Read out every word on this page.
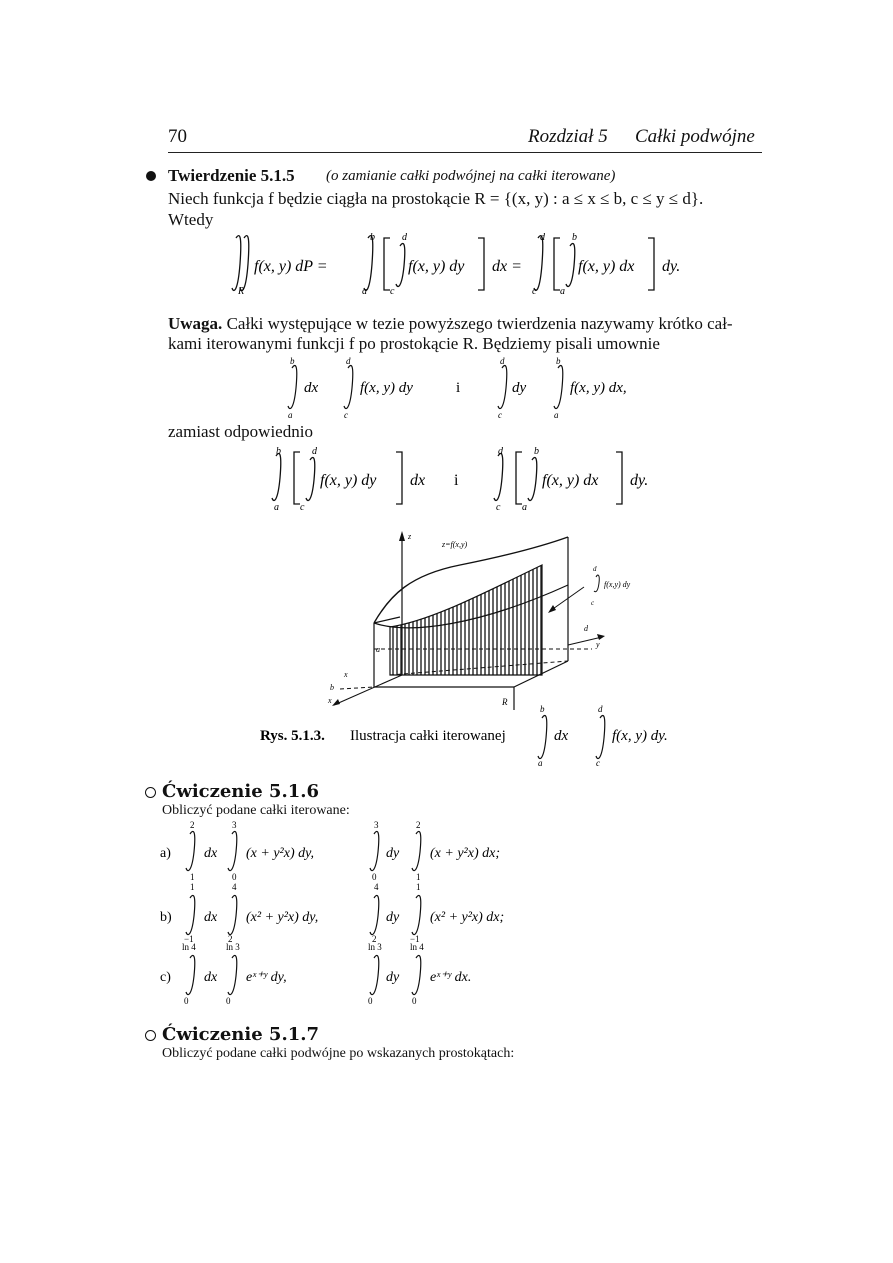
70	Rozdział 5 Całki podwójne
Twierdzenie 5.1.5 (o zamianie całki podwójnej na całki iterowane)
Niech funkcja f będzie ciągła na prostokącie R = {(x, y) : a ≤ x ≤ b, c ≤ y ≤ d}.
Wtedy
f(x, y) dP =
R
b
a
d
c
f(x, y) dy dx =
d
c
b
a
f(x, y) dx dy.
Uwaga. Całki występujące w tezie powyższego twierdzenia nazywamy krótko cał-
kami iterowanymi funkcji f po prostokącie R. Będziemy pisali umownie
b
a
d
c
dx	f(x, y) dy	i
d
c
b
a
dy	f(x, y) dx,
zamiast odpowiednio
b
a
d
c
f(x, y) dy dx i
d
c
b
a
f(x, y) dx dy.
z
z=f(x,y)
x
b
a
x
y
d
R
d
c
f(x,y) dy
Rys. 5.1.3. Ilustracja całki iterowanej
b
a
d
c
dx	f(x, y) dy.
Ćwiczenie 5.1.6
Obliczyć podane całki iterowane:
a)
2
1
dx
3
0
(x + y²x) dy,
3
0
dy
2
1
(x + y²x) dx;
b)
1
−1
dx
4
2
(x² + y²x) dy,
4
2
dy
1
−1
(x² + y²x) dx;
c)
ln 4
0
dx
ln 3
0
eˣ⁺ʸ dy,
ln 3
0
dy
ln 4
0
eˣ⁺ʸ dx.
Ćwiczenie 5.1.7
Obliczyć podane całki podwójne po wskazanych prostokątach:
